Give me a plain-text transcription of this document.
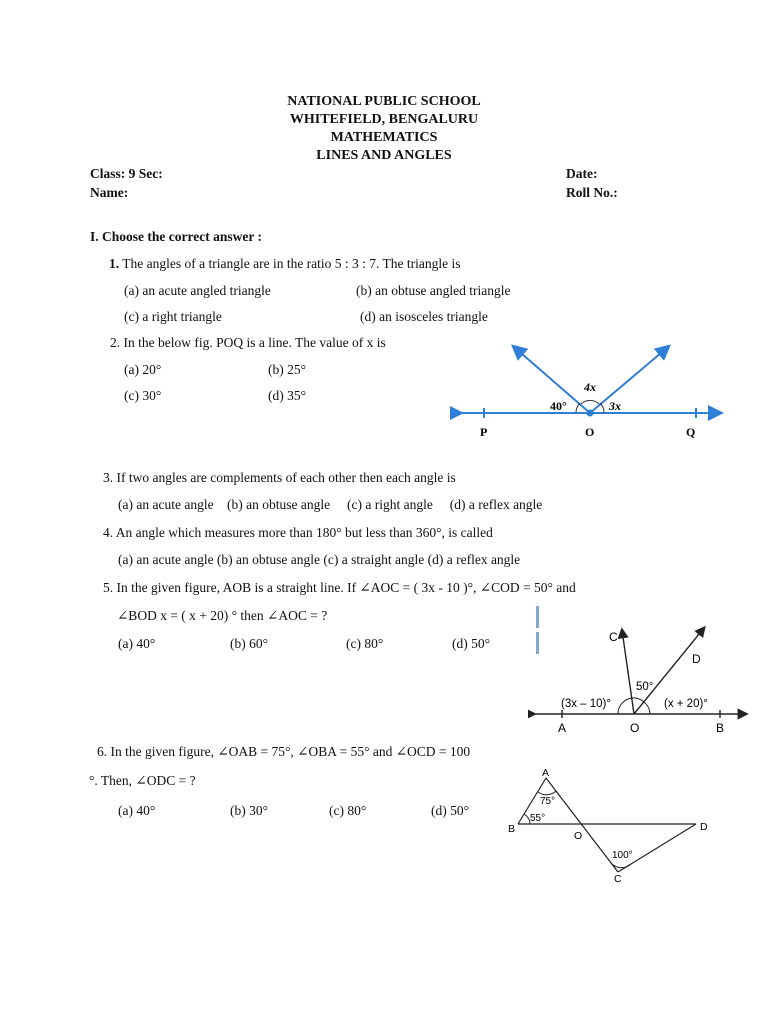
NATIONAL PUBLIC SCHOOL
WHITEFIELD, BENGALURU
MATHEMATICS
LINES AND ANGLES
Class: 9 Sec:	Date:
Name:	Roll No.:
I. Choose the correct answer :
1. The angles of a triangle are in the ratio 5 : 3 : 7. The triangle is
(a) an acute angled triangle	(b) an obtuse angled triangle
(c) a right triangle	(d) an isosceles triangle
2. In the below fig. POQ is a line. The value of x is
(a) 20°	(b) 25°
(c) 30°	(d) 35°
40°
4x
3x
P	O	Q
3. If two angles are complements of each other then each angle is
(a) an acute angle    (b) an obtuse angle     (c) a right angle     (d) a reflex angle
4. An angle which measures more than 180° but less than 360°, is called
(a) an acute angle (b) an obtuse angle (c) a straight angle (d) a reflex angle
5. In the given figure, AOB is a straight line. If ∠AOC = ( 3x - 10 )°, ∠COD = 50° and
∠BOD x = ( x + 20) ° then ∠AOC = ?
(a) 40°	(b) 60°	(c) 80°	(d) 50°	C
D
50°
(3x – 10)°	(x + 20)°
A	O	B
6. In the given figure, ∠OAB = 75°, ∠OBA = 55° and ∠OCD = 100
°. Then, ∠ODC = ?
(a) 40°	(b) 30°	(c) 80°	(d) 50°
A
B
O
C
D
75°
55°
100°
